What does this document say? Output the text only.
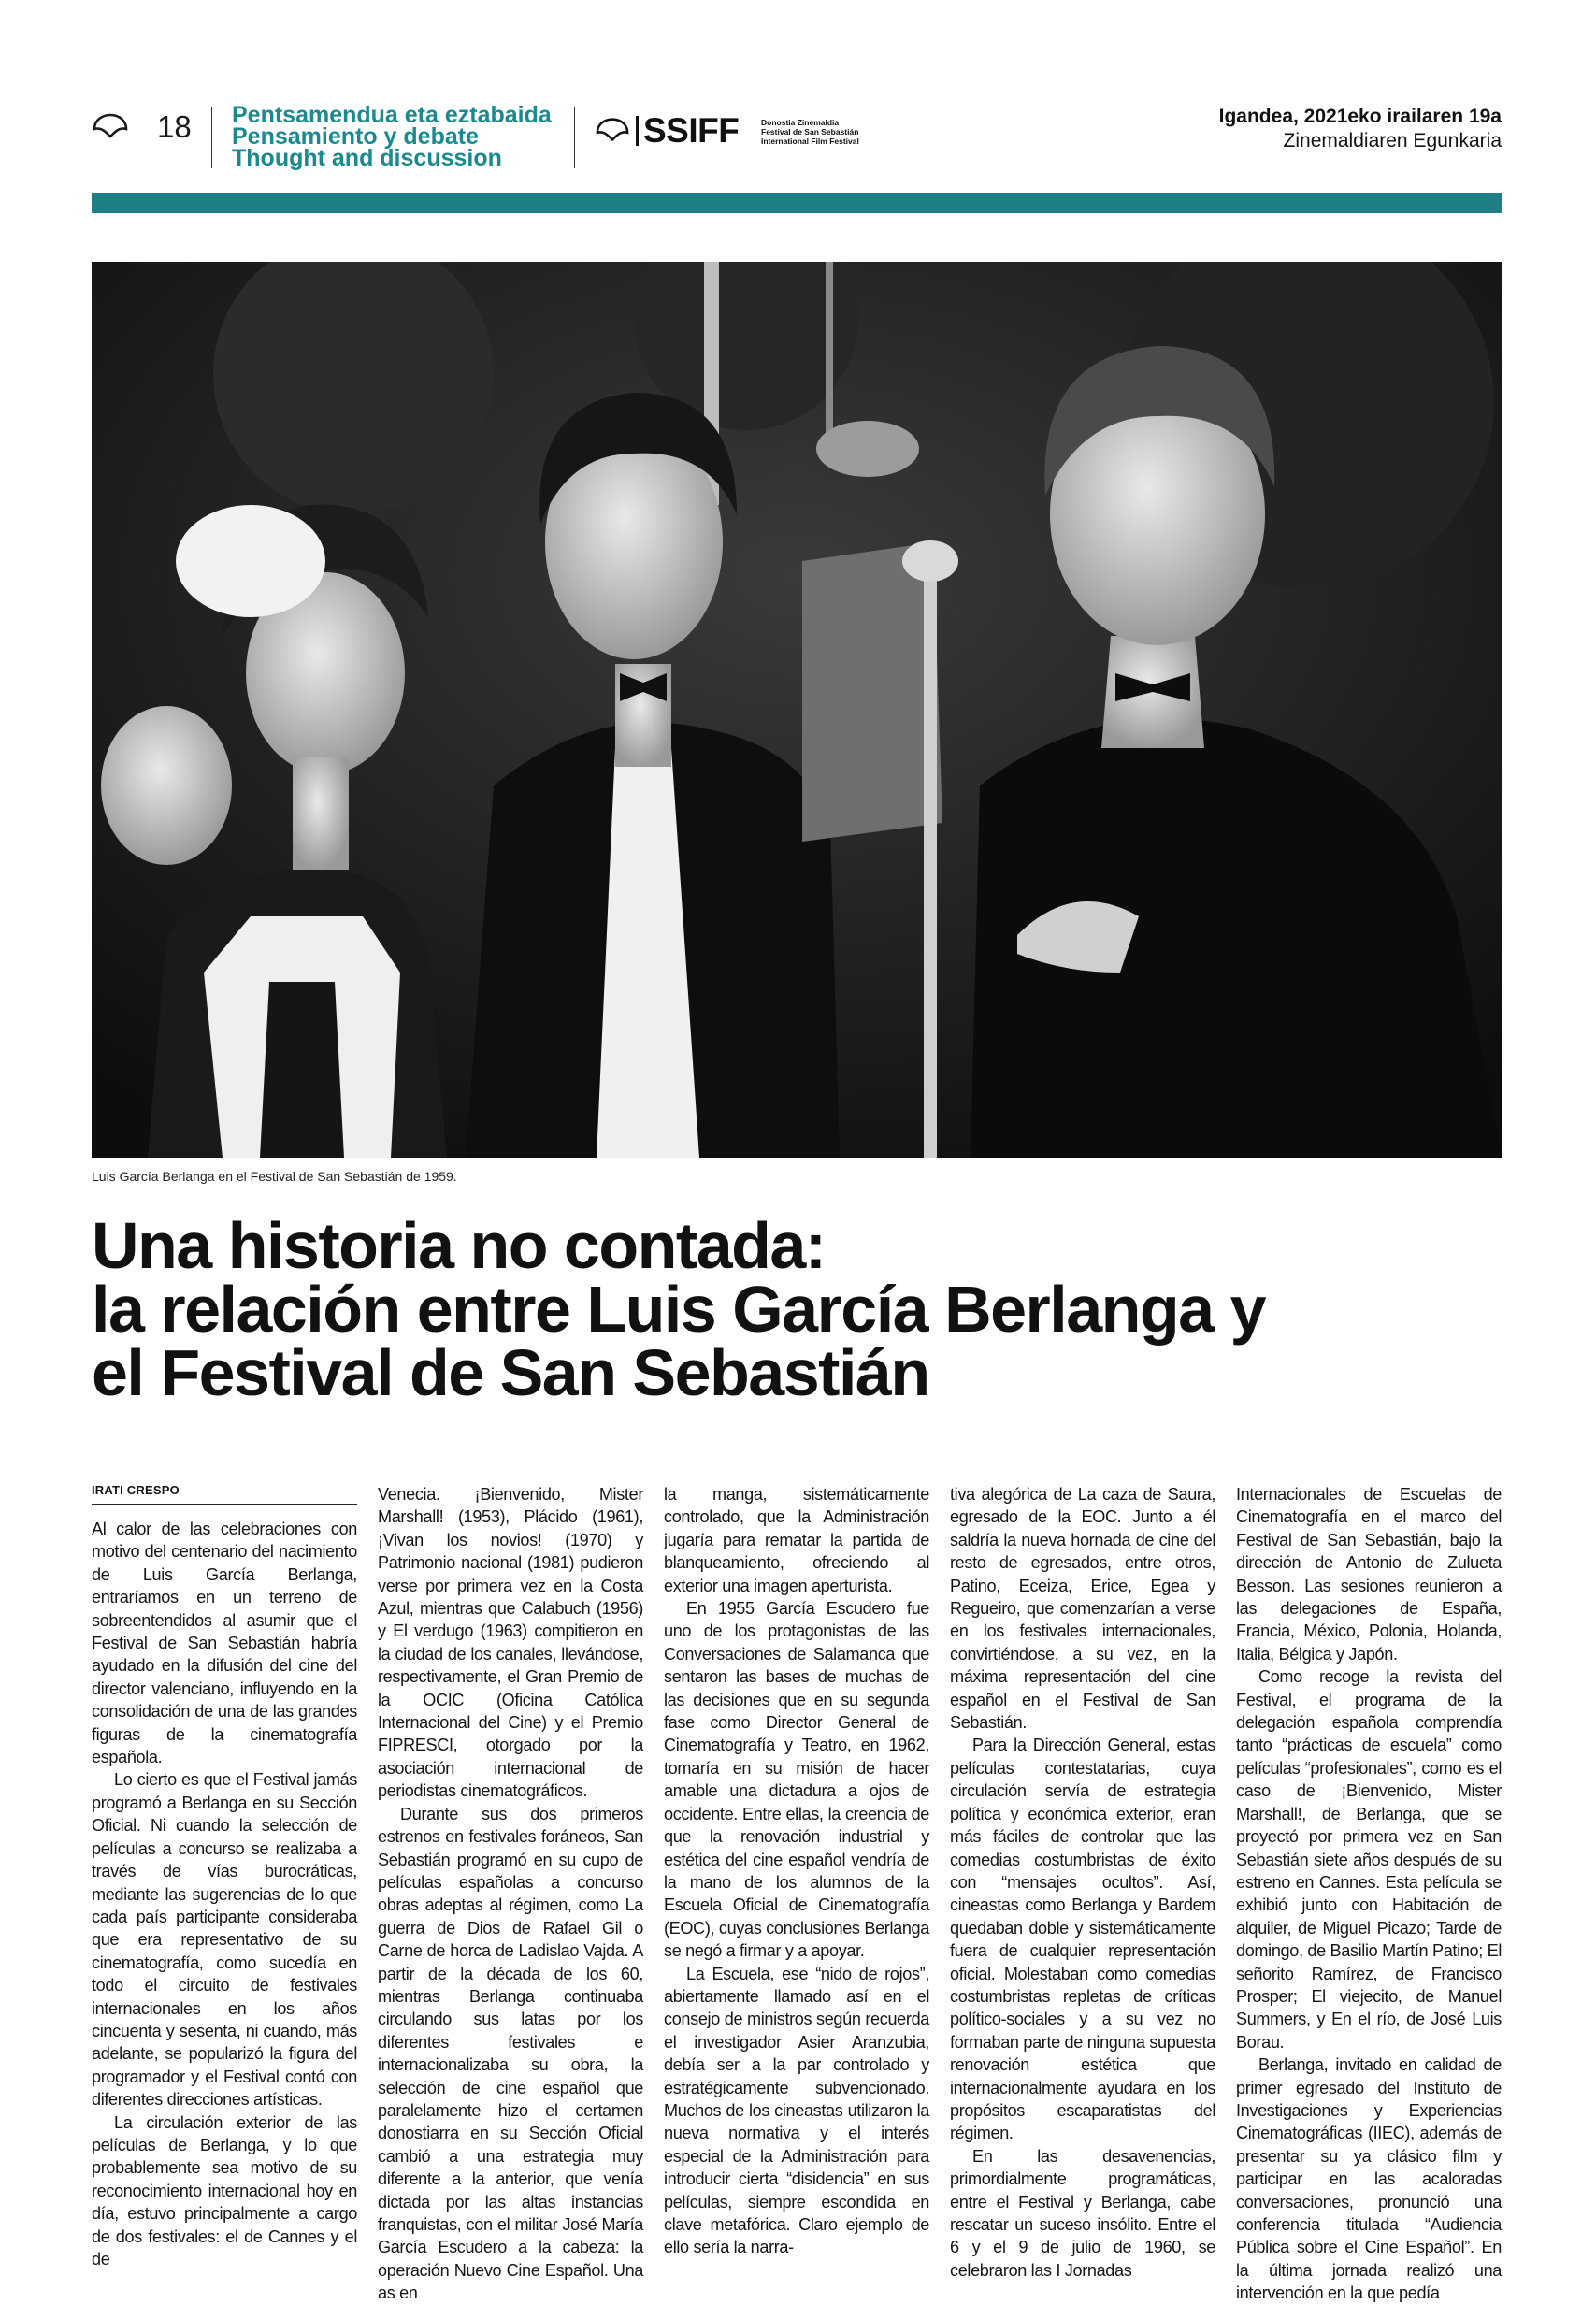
18 Pentsamendua eta eztabaida
Pensamiento y debate
Thought and discussion
SSIFF	Donostia Zinemaldia
Festival de San Sebastián
International Film Festival
Igandea, 2021eko irailaren 19a
Zinemaldiaren Egunkaria
Luis García Berlanga en el Festival de San Sebastián de 1959.
Una historia no contada:
la relación entre Luis García Berlanga y
el Festival de San Sebastián
IRATI CRESPO

Al calor de las celebraciones con motivo del centenario del nacimiento de Luis García Berlanga, entraríamos en un terreno de sobreentendidos al asumir que el Festival de San Sebastián habría ayudado en la difusión del cine del director valenciano, influyendo en la consolidación de una de las grandes figuras de la cinematografía española.

Lo cierto es que el Festival jamás programó a Berlanga en su Sección Oficial. Ni cuando la selección de películas a concurso se realizaba a través de vías burocráticas, mediante las sugerencias de lo que cada país participante consideraba que era representativo de su cinematografía, como sucedía en todo el circuito de festivales internacionales en los años cincuenta y sesenta, ni cuando, más adelante, se popularizó la figura del programador y el Festival contó con diferentes direcciones artísticas.

La circulación exterior de las películas de Berlanga, y lo que probablemente sea motivo de su reconocimiento internacional hoy en día, estuvo principalmente a cargo de dos festivales: el de Cannes y el de

Venecia. ¡Bienvenido, Mister Marshall! (1953), Plácido (1961), ¡Vivan los novios! (1970) y Patrimonio nacional (1981) pudieron verse por primera vez en la Costa Azul, mientras que Calabuch (1956) y El verdugo (1963) compitieron en la ciudad de los canales, llevándose, respectivamente, el Gran Premio de la OCIC (Oficina Católica Internacional del Cine) y el Premio FIPRESCI, otorgado por la asociación internacional de periodistas cinematográficos.

Durante sus dos primeros estrenos en festivales foráneos, San Sebastián programó en su cupo de películas españolas a concurso obras adeptas al régimen, como La guerra de Dios de Rafael Gil o Carne de horca de Ladislao Vajda. A partir de la década de los 60, mientras Berlanga continuaba circulando sus latas por los diferentes festivales e internacionalizaba su obra, la selección de cine español que paralelamente hizo el certamen donostiarra en su Sección Oficial cambió a una estrategia muy diferente a la anterior, que venía dictada por las altas instancias franquistas, con el militar José María García Escudero a la cabeza: la operación Nuevo Cine Español. Una as en

la manga, sistemáticamente controlado, que la Administración jugaría para rematar la partida de blanqueamiento, ofreciendo al exterior una imagen aperturista.

En 1955 García Escudero fue uno de los protagonistas de las Conversaciones de Salamanca que sentaron las bases de muchas de las decisiones que en su segunda fase como Director General de Cinematografía y Teatro, en 1962, tomaría en su misión de hacer amable una dictadura a ojos de occidente. Entre ellas, la creencia de que la renovación industrial y estética del cine español vendría de la mano de los alumnos de la Escuela Oficial de Cinematografía (EOC), cuyas conclusiones Berlanga se negó a firmar y a apoyar.

La Escuela, ese “nido de rojos”, abiertamente llamado así en el consejo de ministros según recuerda el investigador Asier Aranzubia, debía ser a la par controlado y estratégicamente subvencionado. Muchos de los cineastas utilizaron la nueva normativa y el interés especial de la Administración para introducir cierta “disidencia” en sus películas, siempre escondida en clave metafórica. Claro ejemplo de ello sería la narra-

tiva alegórica de La caza de Saura, egresado de la EOC. Junto a él saldría la nueva hornada de cine del resto de egresados, entre otros, Patino, Eceiza, Erice, Egea y Regueiro, que comenzarían a verse en los festivales internacionales, convirtiéndose, a su vez, en la máxima representación del cine español en el Festival de San Sebastián.

Para la Dirección General, estas películas contestatarias, cuya circulación servía de estrategia política y económica exterior, eran más fáciles de controlar que las comedias costumbristas de éxito con “mensajes ocultos”. Así, cineastas como Berlanga y Bardem quedaban doble y sistemáticamente fuera de cualquier representación oficial. Molestaban como comedias costumbristas repletas de críticas político-sociales y a su vez no formaban parte de ninguna supuesta renovación estética que internacionalmente ayudara en los propósitos escaparatistas del régimen.

En las desavenencias, primordialmente programáticas, entre el Festival y Berlanga, cabe rescatar un suceso insólito. Entre el 6 y el 9 de julio de 1960, se celebraron las I Jornadas

Internacionales de Escuelas de Cinematografía en el marco del Festival de San Sebastián, bajo la dirección de Antonio de Zulueta Besson. Las sesiones reunieron a las delegaciones de España, Francia, México, Polonia, Holanda, Italia, Bélgica y Japón.

Como recoge la revista del Festival, el programa de la delegación española comprendía tanto “prácticas de escuela” como películas “profesionales”, como es el caso de ¡Bienvenido, Mister Marshall!, de Berlanga, que se proyectó por primera vez en San Sebastián siete años después de su estreno en Cannes. Esta película se exhibió junto con Habitación de alquiler, de Miguel Picazo; Tarde de domingo, de Basilio Martín Patino; El señorito Ramírez, de Francisco Prosper; El viejecito, de Manuel Summers, y En el río, de José Luis Borau.

Berlanga, invitado en calidad de primer egresado del Instituto de Investigaciones y Experiencias Cinematográficas (IIEC), además de presentar su ya clásico film y participar en las acaloradas conversaciones, pronunció una conferencia titulada “Audiencia Pública sobre el Cine Español”. En la última jornada realizó una intervención en la que pedía
